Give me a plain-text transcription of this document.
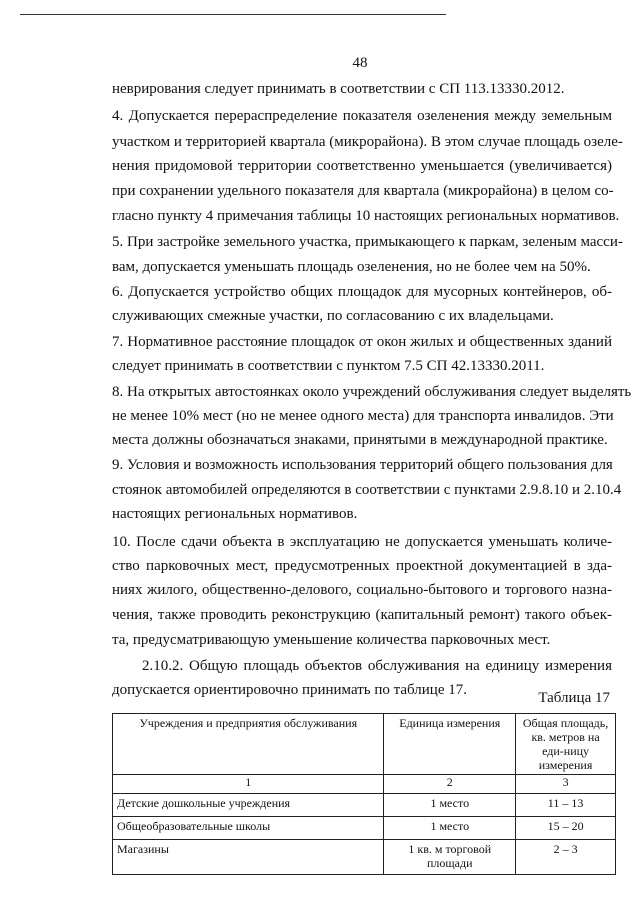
48
неврирования следует принимать в соответствии с СП 113.13330.2012.
4. Допускается перераспределение показателя озеленения между земельным
участком и территорией квартала (микрорайона). В этом случае площадь озеле-
нения придомовой территории соответственно уменьшается (увеличивается)
при сохранении удельного показателя для квартала (микрорайона) в целом со-
гласно пункту 4 примечания таблицы 10 настоящих региональных нормативов.
5. При застройке земельного участка, примыкающего к паркам, зеленым масси-
вам, допускается уменьшать площадь озеленения, но не более чем на 50%.
6. Допускается устройство общих площадок для мусорных контейнеров, об-
служивающих смежные участки, по согласованию с их владельцами.
7. Нормативное расстояние площадок от окон жилых и общественных зданий
следует принимать в соответствии с пунктом 7.5 СП 42.13330.2011.
8. На открытых автостоянках около учреждений обслуживания следует выделять
не менее 10% мест (но не менее одного места) для транспорта инвалидов. Эти
места должны обозначаться знаками, принятыми в международной практике.
9. Условия и возможность использования территорий общего пользования для
стоянок автомобилей определяются в соответствии с пунктами 2.9.8.10 и 2.10.4
настоящих региональных нормативов.
10. После сдачи объекта в эксплуатацию не допускается уменьшать количе-
ство парковочных мест, предусмотренных проектной документацией в зда-
ниях жилого, общественно-делового, социально-бытового и торгового назна-
чения, также проводить реконструкцию (капитальный ремонт) такого объек-
та, предусматривающую уменьшение количества парковочных мест.
2.10.2. Общую площадь объектов обслуживания на единицу измерения
допускается ориентировочно принимать по таблице 17.	Таблица 17
Учреждения и предприятия обслуживания	Единица измерения	Общая площадь, кв. метров на еди-ницу измерения
1	2	3
Детские дошкольные учреждения	1 место	11 – 13
Общеобразовательные школы	1 место	15 – 20
Магазины	1 кв. м торговой площади	2 – 3
